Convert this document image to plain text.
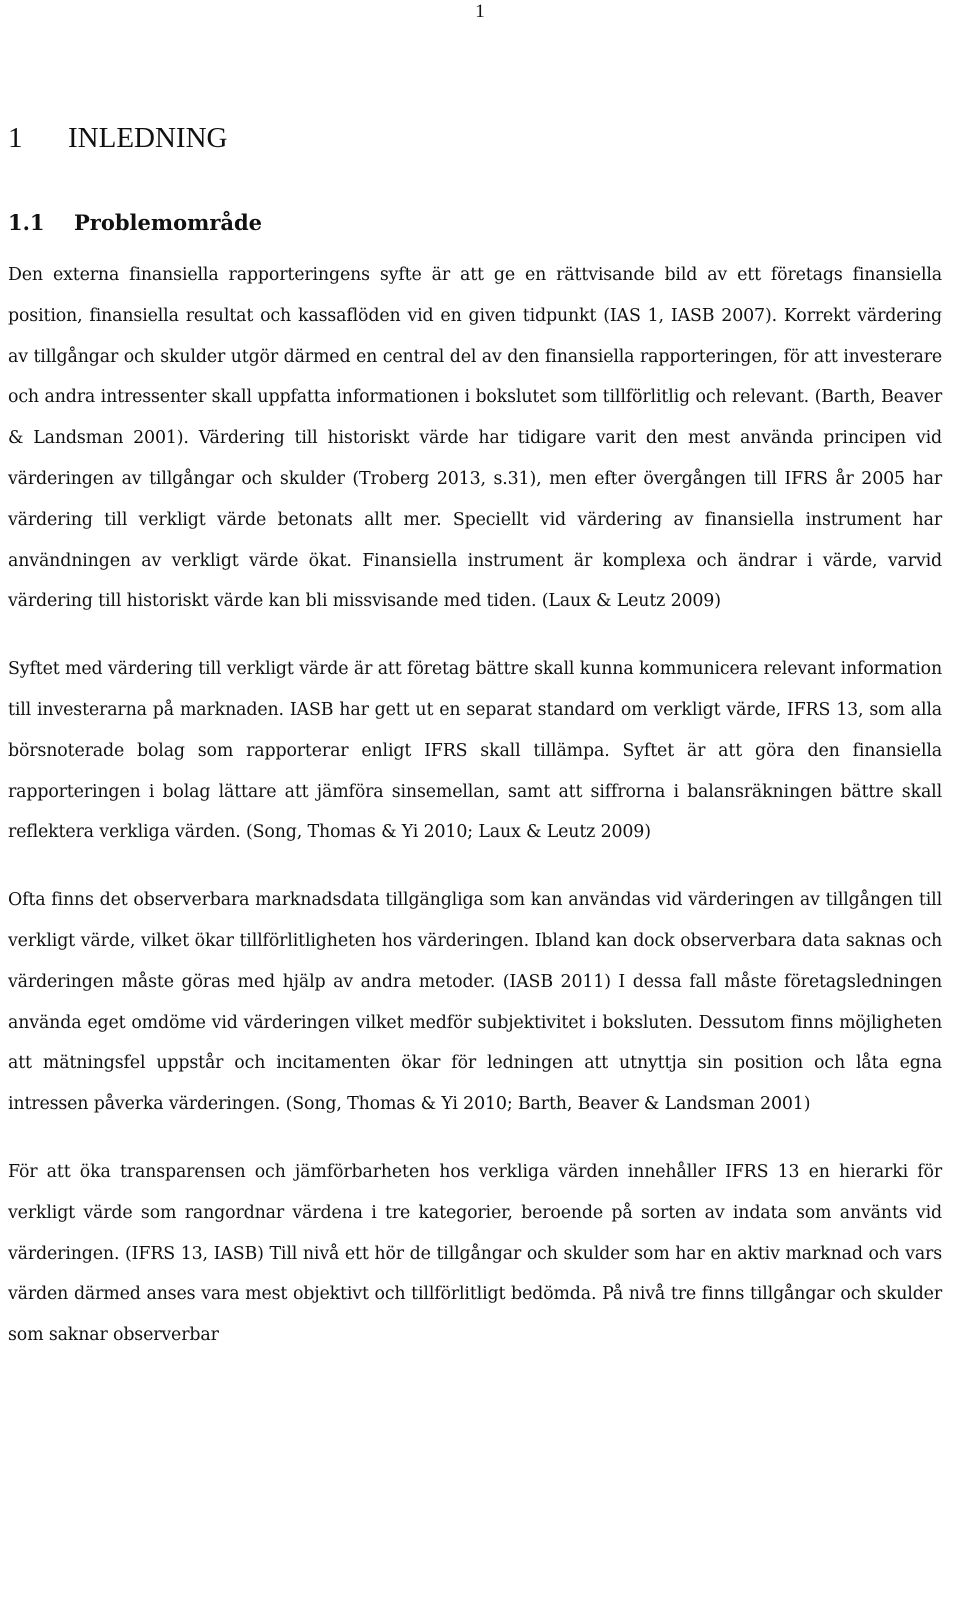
1
1 INLEDNING
1.1 Problemområde

Den externa finansiella rapporteringens syfte är att ge en rättvisande bild av ett företags finansiella position, finansiella resultat och kassaflöden vid en given tidpunkt (IAS 1, IASB 2007). Korrekt värdering av tillgångar och skulder utgör därmed en central del av den finansiella rapporteringen, för att investerare och andra intressenter skall uppfatta informationen i bokslutet som tillförlitlig och relevant. (Barth, Beaver & Landsman 2001). Värdering till historiskt värde har tidigare varit den mest använda principen vid värderingen av tillgångar och skulder (Troberg 2013, s.31), men efter övergången till IFRS år 2005 har värdering till verkligt värde betonats allt mer. Speciellt vid värdering av finansiella instrument har användningen av verkligt värde ökat. Finansiella instrument är komplexa och ändrar i värde, varvid värdering till historiskt värde kan bli missvisande med tiden. (Laux & Leutz 2009)

Syftet med värdering till verkligt värde är att företag bättre skall kunna kommunicera relevant information till investerarna på marknaden. IASB har gett ut en separat standard om verkligt värde, IFRS 13, som alla börsnoterade bolag som rapporterar enligt IFRS skall tillämpa. Syftet är att göra den finansiella rapporteringen i bolag lättare att jämföra sinsemellan, samt att siffrorna i balansräkningen bättre skall reflektera verkliga värden. (Song, Thomas & Yi 2010; Laux & Leutz 2009)

Ofta finns det observerbara marknadsdata tillgängliga som kan användas vid värderingen av tillgången till verkligt värde, vilket ökar tillförlitligheten hos värderingen. Ibland kan dock observerbara data saknas och värderingen måste göras med hjälp av andra metoder. (IASB 2011) I dessa fall måste företagsledningen använda eget omdöme vid värderingen vilket medför subjektivitet i boksluten. Dessutom finns möjligheten att mätningsfel uppstår och incitamenten ökar för ledningen att utnyttja sin position och låta egna intressen påverka värderingen. (Song, Thomas & Yi 2010; Barth, Beaver & Landsman 2001)

För att öka transparensen och jämförbarheten hos verkliga värden innehåller IFRS 13 en hierarki för verkligt värde som rangordnar värdena i tre kategorier, beroende på sorten av indata som använts vid värderingen. (IFRS 13, IASB) Till nivå ett hör de tillgångar och skulder som har en aktiv marknad och vars värden därmed anses vara mest objektivt och tillförlitligt bedömda. På nivå tre finns tillgångar och skulder som saknar observerbar
